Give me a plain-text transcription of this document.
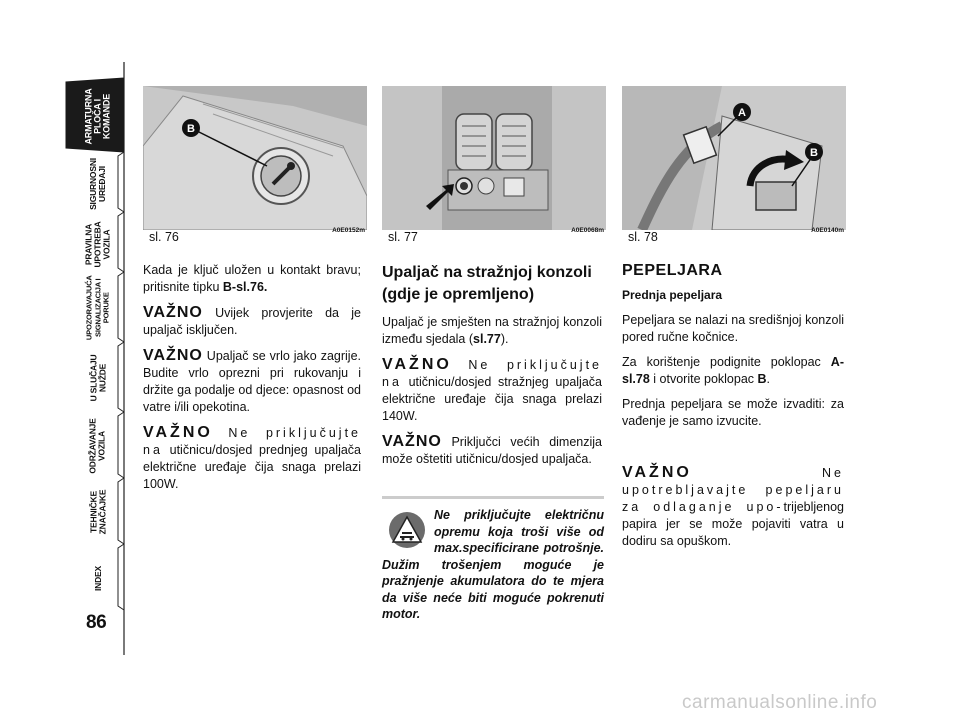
ARMATURNA
PLOČA I
KOMANDE
SIGURNOSNI
UREĐAJI
PRAVILNA
UPOTREBA
VOZILA
UPOZORAVAJUĆA
SIGNALIZACIJA I
PORUKE
U SLUČAJU
NUŽDE
ODRŽAVANJE
VOZILA
TEHNIČKE
ZNAČAJKE
INDEX
86
B
sl. 76	A0E0152m sl. 77	A0E0068m
A
B
sl. 78	A0E0140m

Kada je ključ uložen u kontakt bravu; pritisnite tipku B-sl.76.

VAŽNO Uvijek provjerite da je upaljač isključen.

VAŽNO Upaljač se vrlo jako zagrije. Budite vrlo oprezni pri rukovanju i držite ga podalje od djece: opasnost od vatre i/ili opekotina.

VAŽNO Ne priključujte na utičnicu/dosjed prednjeg upaljača električne uređaje čija snaga prelazi 100W.

Upaljač na stražnjoj konzoli (gdje je opremljeno)

Upaljač je smješten na stražnjoj konzoli između sjedala (sl.77).

VAŽNO Ne priključujte na utičnicu/dosjed stražnjeg upaljača električne uređaje čija snaga prelazi 140W.

VAŽNO Priključci većih dimenzija može oštetiti utičnicu/dosjed upaljača.

Ne priključujte električnu opremu koja troši više od max.specificirane potrošnje. Dužim trošenjem moguće je pražnjenje akumulatora do te mjera da više neće biti moguće pokrenuti motor.

PEPELJARA

Prednja pepeljara

Pepeljara se nalazi na središnjoj konzoli pored ručne kočnice.

Za korištenje podignite poklopac A-sl.78 i otvorite poklopac B.

Prednja pepeljara se može izvaditi: za vađenje je samo izvucite.

VAŽNO Ne upotrebljavajte pepeljaru za odlaganje upo-trijebljenog papira jer se može pojaviti vatra u dodiru sa opuškom.

carmanualsonline.info
